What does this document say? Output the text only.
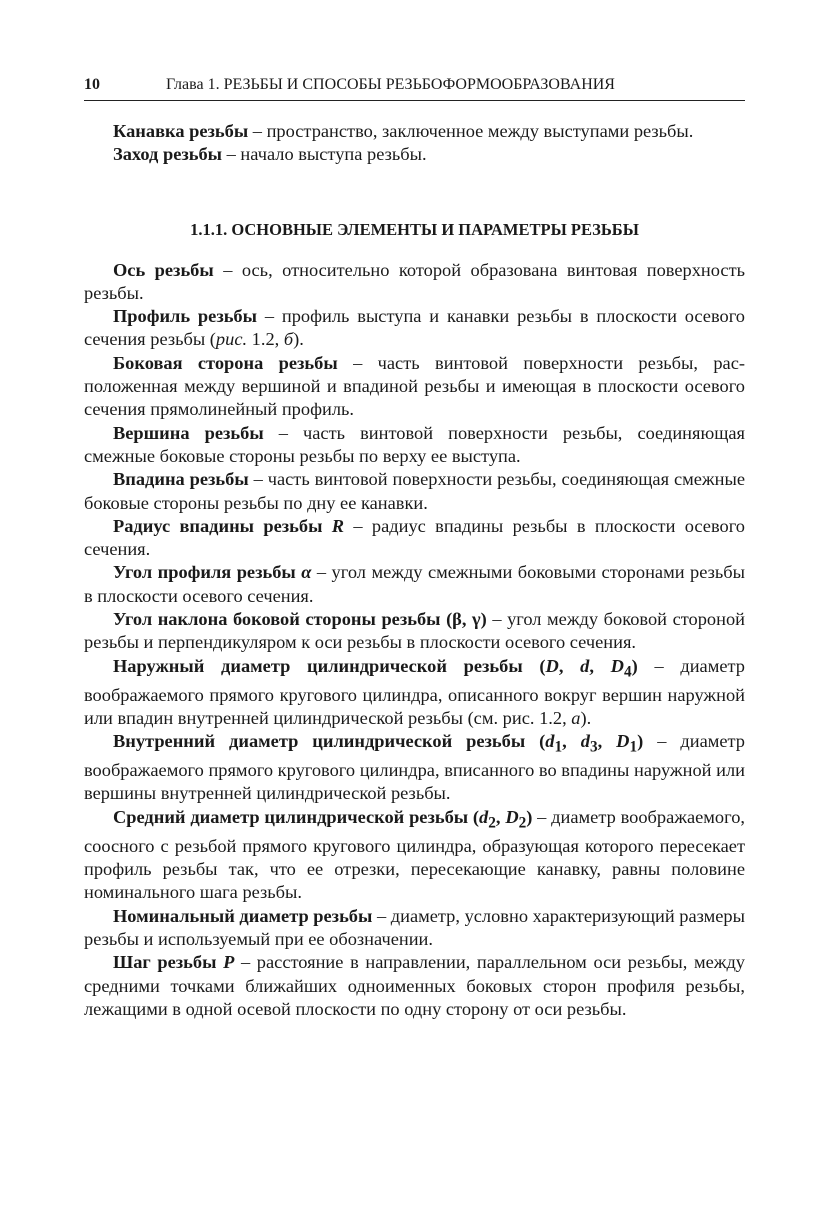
10	Глава 1. РЕЗЬБЫ И СПОСОБЫ РЕЗЬБОФОРМООБРАЗОВАНИЯ

Канавка резьбы – пространство, заключенное между выступами резьбы.

Заход резьбы – начало выступа резьбы.

1.1.1. ОСНОВНЫЕ ЭЛЕМЕНТЫ И ПАРАМЕТРЫ РЕЗЬБЫ

Ось резьбы – ось, относительно которой образована винтовая поверхность резьбы.

Профиль резьбы – профиль выступа и канавки резьбы в плоскости осевого сечения резьбы (рис. 1.2, б).

Боковая сторона резьбы – часть винтовой поверхности резьбы, расположенная между вершиной и впадиной резьбы и имеющая в плоскости осевого сечения прямолинейный профиль.

Вершина резьбы – часть винтовой поверхности резьбы, соединяющая смежные боковые стороны резьбы по верху ее выступа.

Впадина резьбы – часть винтовой поверхности резьбы, соединяющая смежные боковые стороны резьбы по дну ее канавки.

Радиус впадины резьбы R – радиус впадины резьбы в плоскости осевого сечения.

Угол профиля резьбы α – угол между смежными боковыми сторонами резьбы в плоскости осевого сечения.

Угол наклона боковой стороны резьбы (β, γ) – угол между боковой стороной резьбы и перпендикуляром к оси резьбы в плоскости осевого сечения.

Наружный диаметр цилиндрической резьбы (D, d, $D_4$) – диаметр воображаемого прямого кругового цилиндра, описанного вокруг вершин наружной или впадин внутренней цилиндрической резьбы (см. рис. 1.2, а).

Внутренний диаметр цилиндрической резьбы ($d_1$, $d_3$, $D_1$) – диаметр воображаемого прямого кругового цилиндра, вписанного во впадины наружной или вершины внутренней цилиндрической резьбы.

Средний диаметр цилиндрической резьбы ($d_2$, $D_2$) – диаметр воображаемого, соосного с резьбой прямого кругового цилиндра, образующая которого пересекает профиль резьбы так, что ее отрезки, пересекающие канавку, равны половине номинального шага резьбы.

Номинальный диаметр резьбы – диаметр, условно характеризующий размеры резьбы и используемый при ее обозначении.

Шаг резьбы P – расстояние в направлении, параллельном оси резьбы, между средними точками ближайших одноименных боковых сторон профиля резьбы, лежащими в одной осевой плоскости по одну сторону от оси резьбы.
